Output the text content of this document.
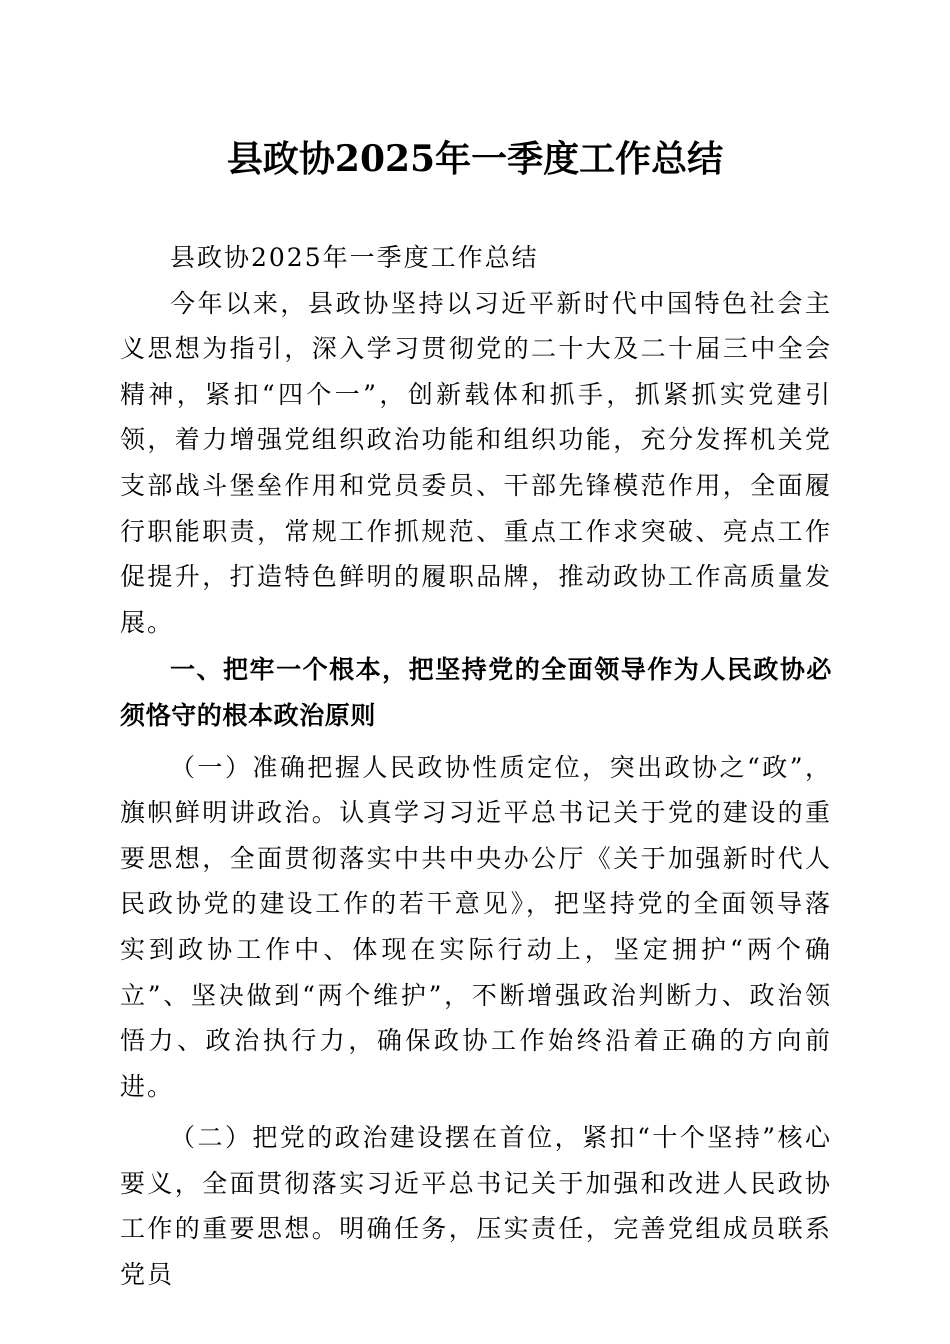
县政协2025年一季度工作总结

县政协2025年一季度工作总结

今年以来，县政协坚持以习近平新时代中国特色社会主义思想为指引，深入学习贯彻党的二十大及二十届三中全会精神，紧扣“四个一”，创新载体和抓手，抓紧抓实党建引领，着力增强党组织政治功能和组织功能，充分发挥机关党支部战斗堡垒作用和党员委员、干部先锋模范作用，全面履行职能职责，常规工作抓规范、重点工作求突破、亮点工作促提升，打造特色鲜明的履职品牌，推动政协工作高质量发展。

一、把牢一个根本，把坚持党的全面领导作为人民政协必须恪守的根本政治原则

（一）准确把握人民政协性质定位，突出政协之“政”，旗帜鲜明讲政治。认真学习习近平总书记关于党的建设的重要思想，全面贯彻落实中共中央办公厅《关于加强新时代人民政协党的建设工作的若干意见》，把坚持党的全面领导落实到政协工作中、体现在实际行动上，坚定拥护“两个确立”、坚决做到“两个维护”，不断增强政治判断力、政治领悟力、政治执行力，确保政协工作始终沿着正确的方向前进。

（二）把党的政治建设摆在首位，紧扣“十个坚持”核心要义，全面贯彻落实习近平总书记关于加强和改进人民政协工作的重要思想。明确任务，压实责任，完善党组成员联系党员
